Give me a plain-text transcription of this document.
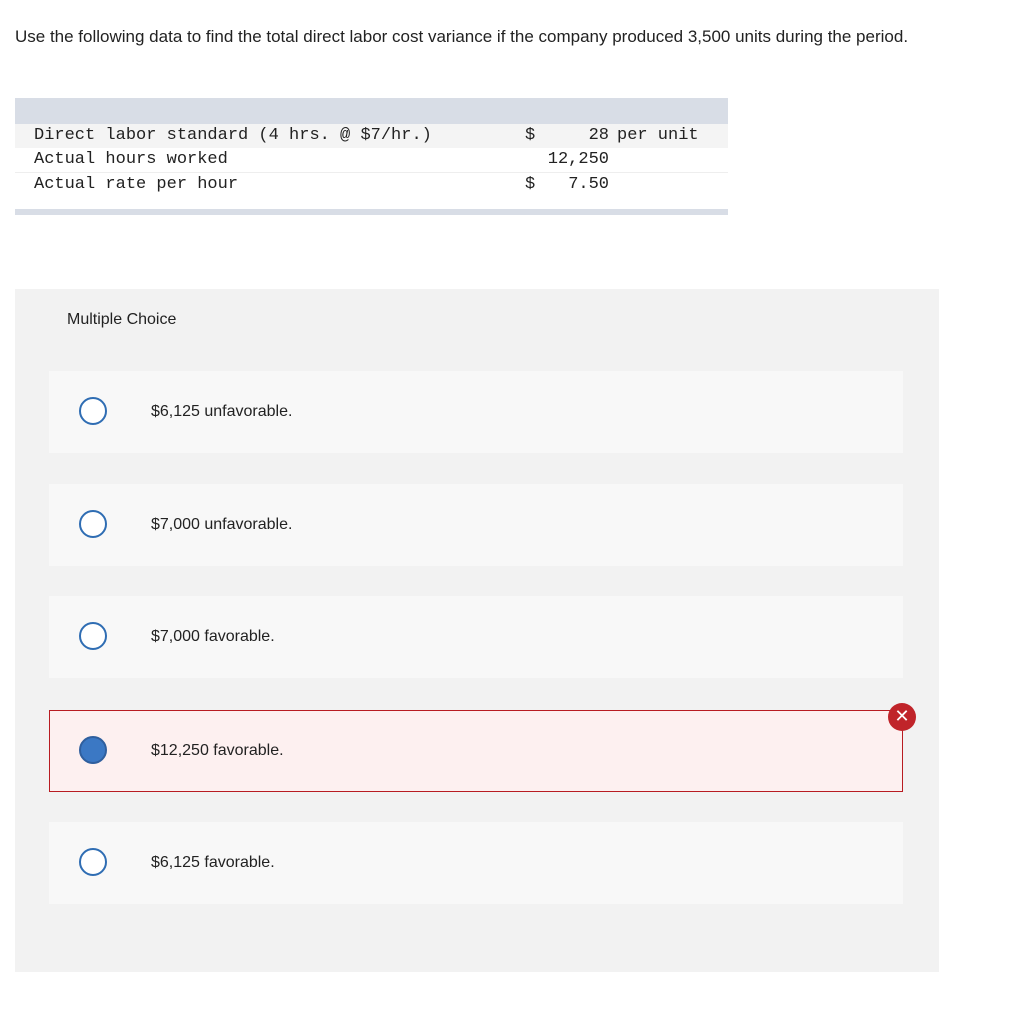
Use the following data to find the total direct labor cost variance if the company produced 3,500 units during the period.
Direct labor standard (4 hrs. @ $7/hr.)	$	28 per unit
Actual hours worked	12,250
Actual rate per hour	$	7.50
Multiple Choice
$6,125 unfavorable.
$7,000 unfavorable.
$7,000 favorable.
$12,250 favorable.
✕
$6,125 favorable.
